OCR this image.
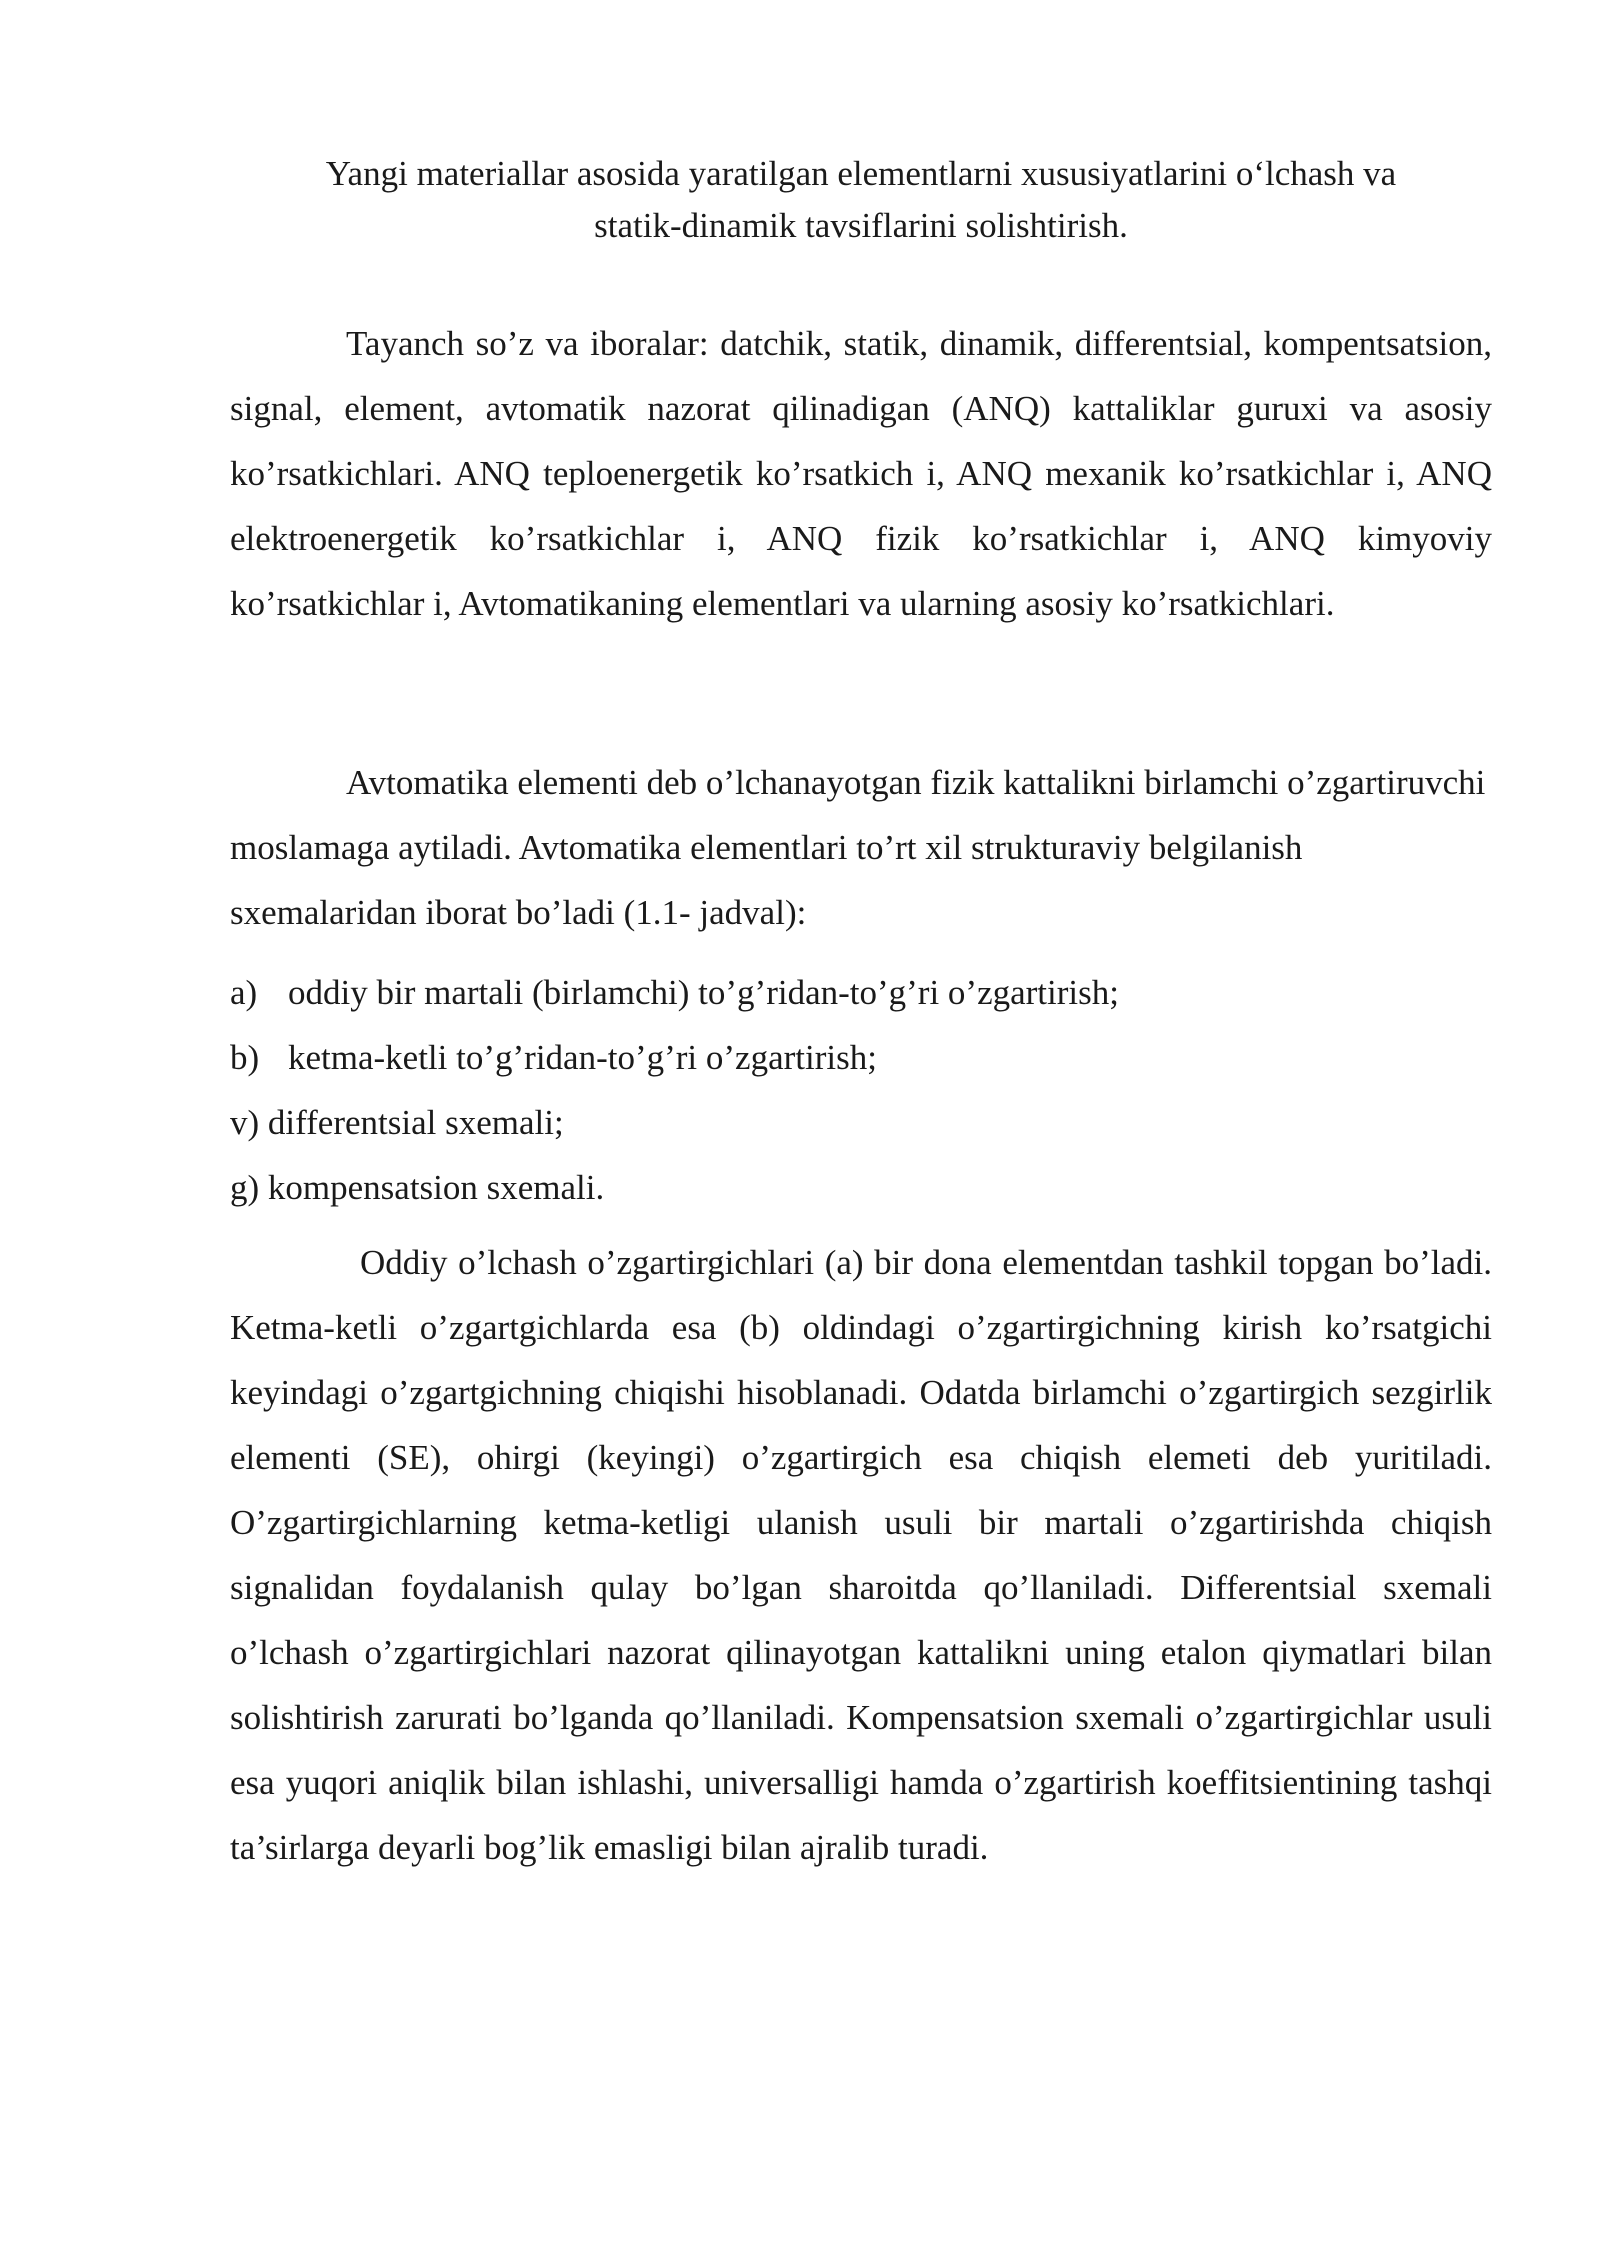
Yangi materiallar asosida yaratilgan elementlarni xususiyatlarini o‘lchash va
statik-dinamik tavsiflarini solishtirish.

Tayanch so’z va iboralar: datchik, statik, dinamik, differentsial, kompentsatsion, signal, element, avtomatik nazorat qilinadigan (ANQ) kattaliklar guruxi va asosiy ko’rsatkichlari. ANQ teploenergetik ko’rsatkich i, ANQ mexanik ko’rsatkichlar i, ANQ elektroenergetik ko’rsatkichlar i, ANQ fizik ko’rsatkichlar i, ANQ kimyoviy ko’rsatkichlar i, Avtomatikaning elementlari va ularning asosiy ko’rsatkichlari.

Avtomatika elementi deb o’lchanayotgan fizik kattalikni birlamchi o’zgartiruvchi moslamaga aytiladi. Avtomatika elementlari to’rt xil strukturaviy belgilanish sxemalaridan iborat bo’ladi (1.1- jadval):

a) oddiy bir martali (birlamchi) to’g’ridan-to’g’ri o’zgartirish;
b) ketma-ketli to’g’ridan-to’g’ri o’zgartirish;
v) differentsial sxemali;
g) kompensatsion sxemali.

Oddiy o’lchash o’zgartirgichlari (a) bir dona elementdan tashkil topgan bo’ladi. Ketma-ketli o’zgartgichlarda esa (b) oldindagi o’zgartirgichning kirish ko’rsatgichi keyindagi o’zgartgichning chiqishi hisoblanadi. Odatda birlamchi o’zgartirgich sezgirlik elementi (SE), ohirgi (keyingi) o’zgartirgich esa chiqish elemeti deb yuritiladi. O’zgartirgichlarning ketma-ketligi ulanish usuli bir martali o’zgartirishda chiqish signalidan foydalanish qulay bo’lgan sharoitda qo’llaniladi. Differentsial sxemali o’lchash o’zgartirgichlari nazorat qilinayotgan kattalikni uning etalon qiymatlari bilan solishtirish zarurati bo’lganda qo’llaniladi. Kompensatsion sxemali o’zgartirgichlar usuli esa yuqori aniqlik bilan ishlashi, universalligi hamda o’zgartirish koeffitsientining tashqi ta’sirlarga deyarli bog’lik emasligi bilan ajralib turadi.
